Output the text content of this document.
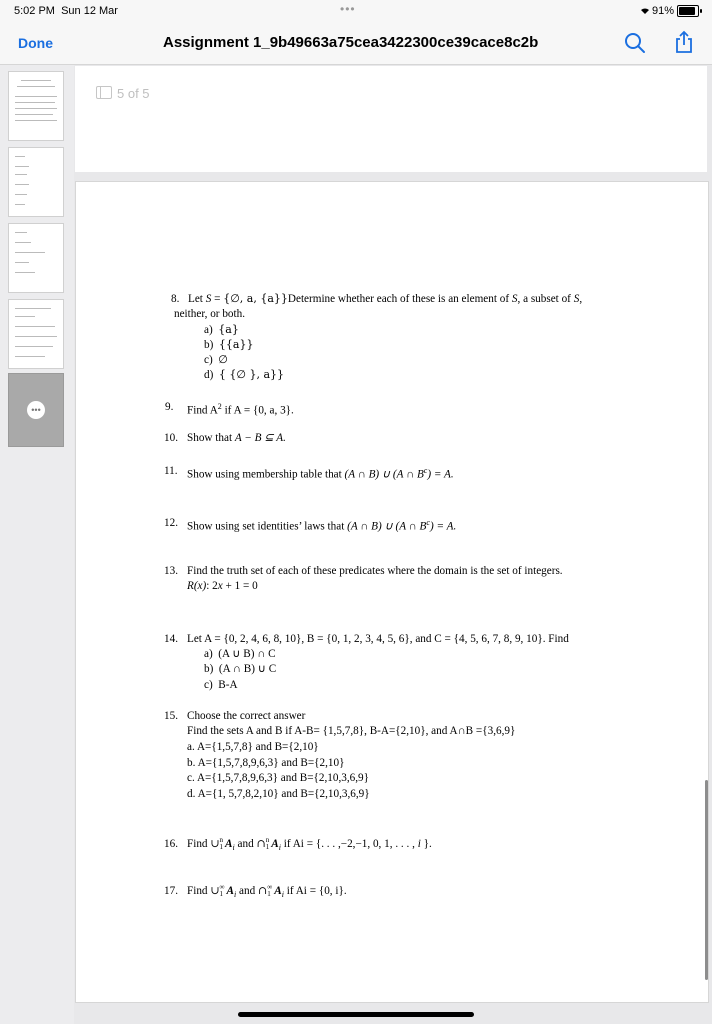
5:02 PM Sun 12 Mar	•••	91%
Done	Assignment 1_9b49663a75cea3422300ce39cace8c2b
•••
5 of 5
8. Let S = {∅, a, {a}}Determine whether each of these is an element of S, a subset of S,
neither, or both.
a) {a}
b) {{a}}
c) ∅
d) { {∅ }, a}}
9. Find $A^2$ if A = {0, a, 3}.
10. Show that A − B ⊆ A.
11. Show using membership table that (A ∩ B) ∪ (A ∩ $B^c) = A$.
12. Show using set identities’ laws that (A ∩ B) ∪ (A ∩ $B^c) = A$.
13. Find the truth set of each of these predicates where the domain is the set of integers.
R(x): 2x + 1 = 0
14. Let A = {0, 2, 4, 6, 8, 10}, B = {0, 1, 2, 3, 4, 5, 6}, and C = {4, 5, 6, 7, 8, 9, 10}. Find
a) (A ∪ B) ∩ C
b) (A ∩ B) ∪ C
c) B-A
15. Choose the correct answer
Find the sets A and B if A-B= {1,5,7,8}, B-A={2,10}, and A∩B ={3,6,9}
a. A={1,5,7,8} and B={2,10}
b. A={1,5,7,8,9,6,3} and B={2,10}
c. A={1,5,7,8,9,6,3} and B={2,10,3,6,9}
d. A={1, 5,7,8,2,10} and B={2,10,3,6,9}
16. Find ∪ n
1 $A_i$ and ∩ n
1 $A_i$ if Ai = {. . . ,−2,−1, 0, 1, . . . , i }.
17. Find ∪ ∞
1 $A_i$ and ∩ ∞
1 $A_i$ if Ai = {0, i}.
